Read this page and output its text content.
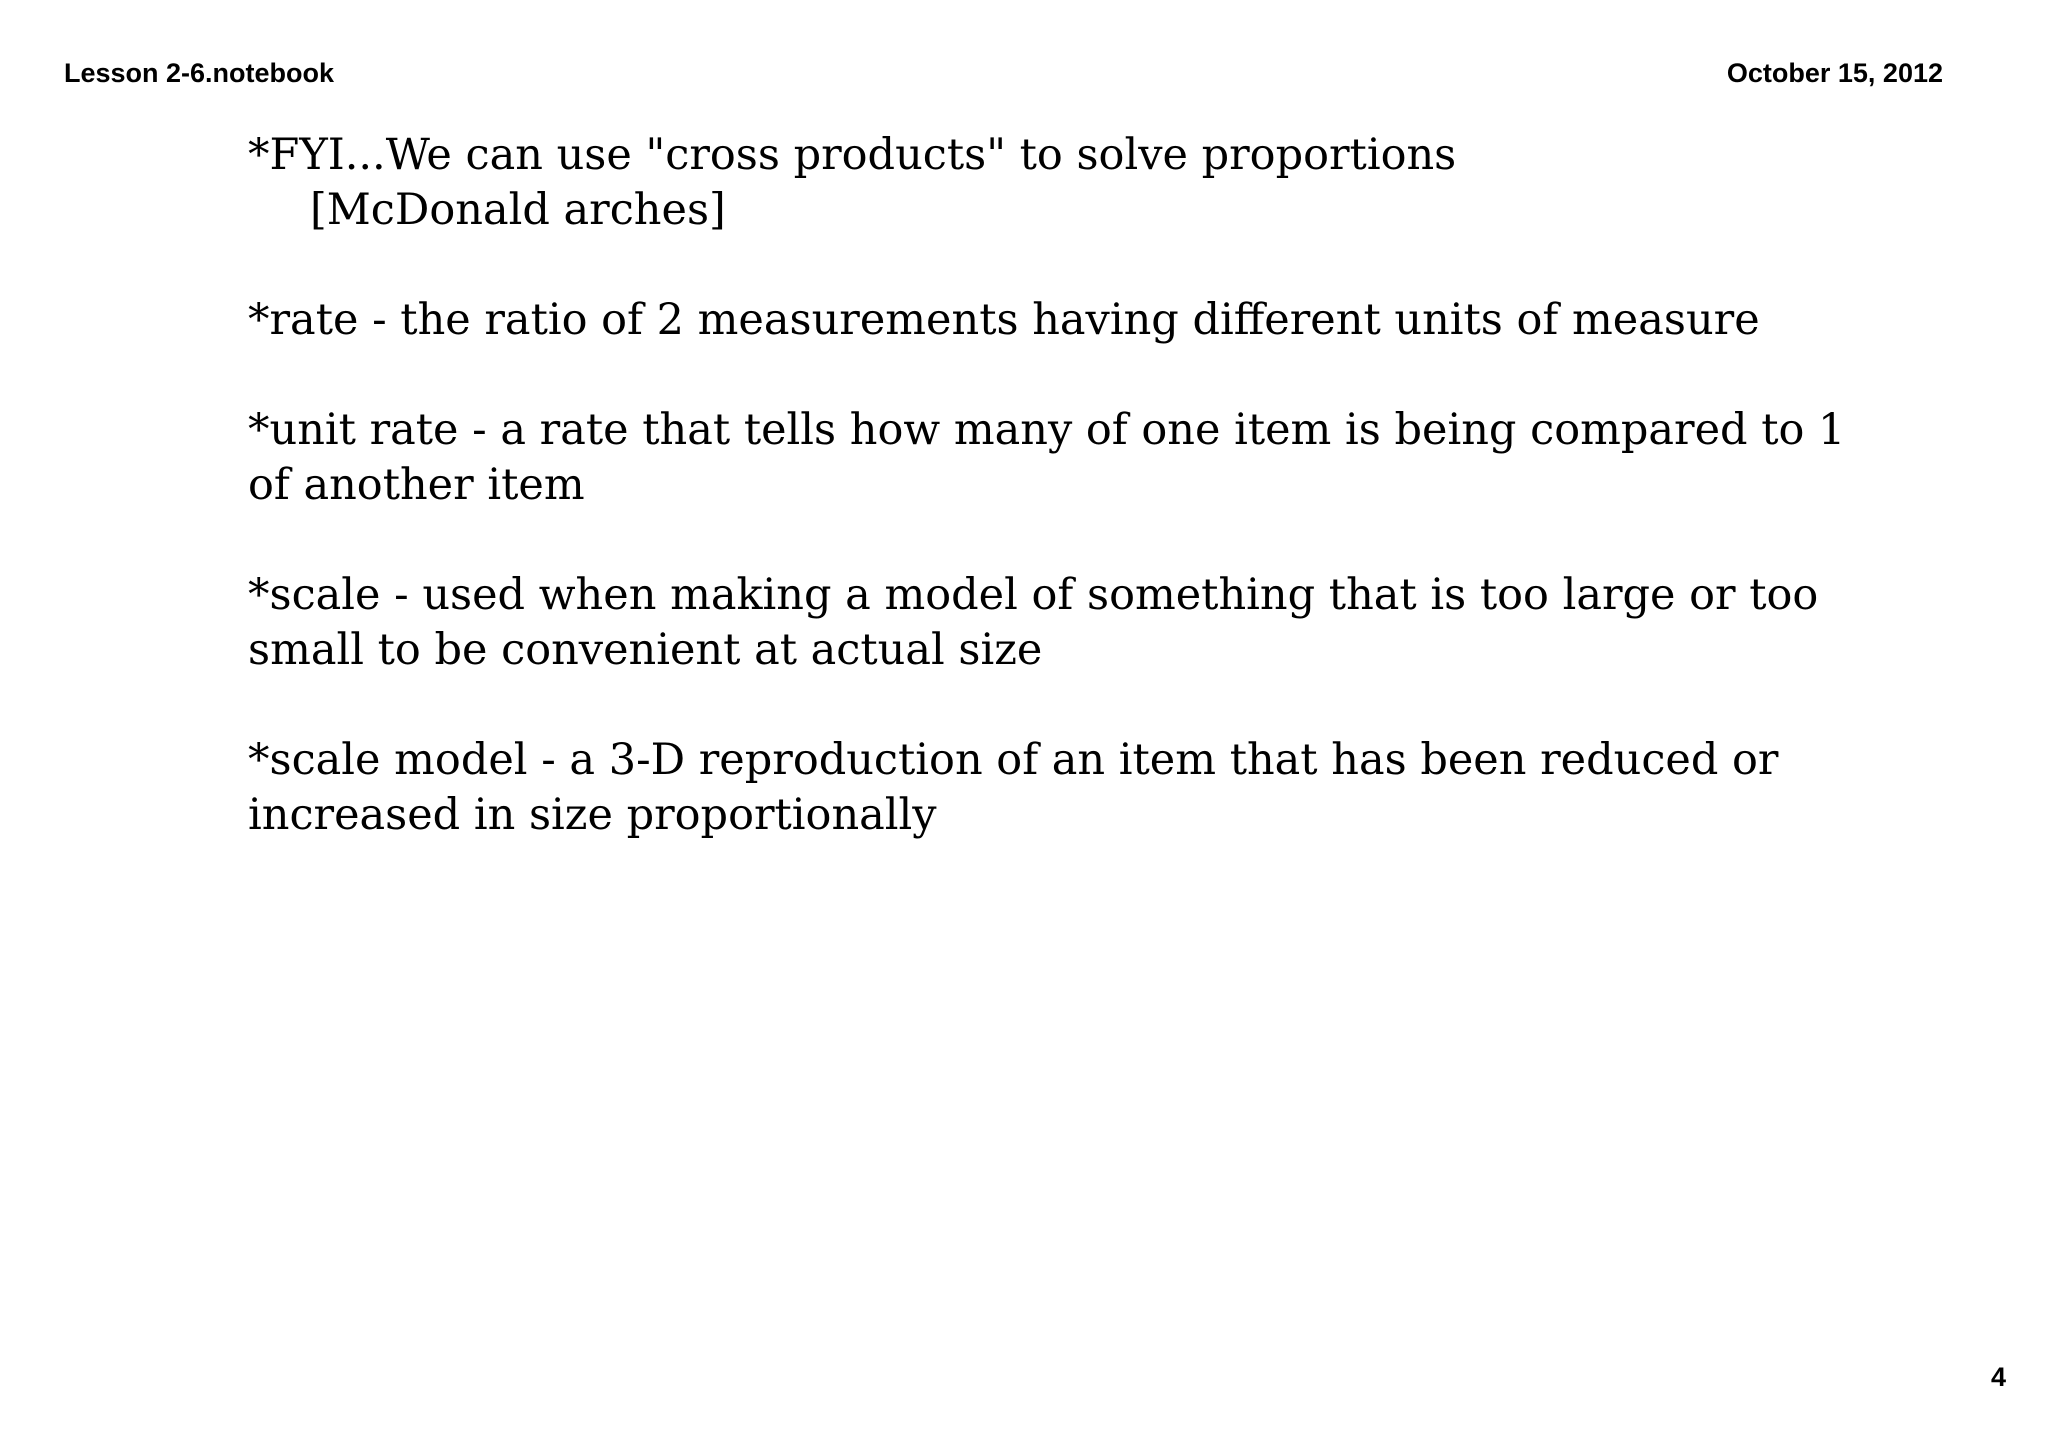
Lesson 2-6.notebook	October 15, 2012

*FYI...We can use "cross products" to solve proportions
[McDonald arches]

*rate - the ratio of 2 measurements having different units of measure

*unit rate - a rate that tells how many of one item is being compared to 1
of another item

*scale - used when making a model of something that is too large or too
small to be convenient at actual size

*scale model - a 3-D reproduction of an item that has been reduced or
increased in size proportionally

4
